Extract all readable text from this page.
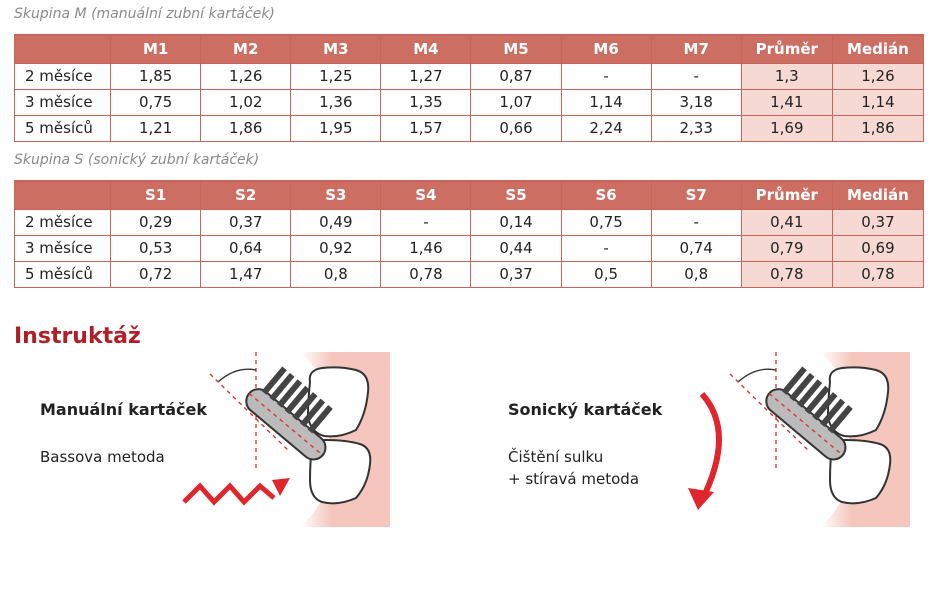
Skupina M (manuální zubní kartáček)
	M1	M2	M3	M4	M5	M6	M7	Průměr	Medián
2 měsíce	1,85	1,26	1,25	1,27	0,87	-	-	1,3	1,26
3 měsíce	0,75	1,02	1,36	1,35	1,07	1,14	3,18	1,41	1,14
5 měsíců	1,21	1,86	1,95	1,57	0,66	2,24	2,33	1,69	1,86
Skupina S (sonický zubní kartáček)
	S1	S2	S3	S4	S5	S6	S7	Průměr	Medián
2 měsíce	0,29	0,37	0,49	-	0,14	0,75	-	0,41	0,37
3 měsíce	0,53	0,64	0,92	1,46	0,44	-	0,74	0,79	0,69
5 měsíců	0,72	1,47	0,8	0,78	0,37	0,5	0,8	0,78	0,78
Instruktáž
Manuální kartáček
Bassova metoda
Sonický kartáček
Čištění sulku
+ stíravá metoda
